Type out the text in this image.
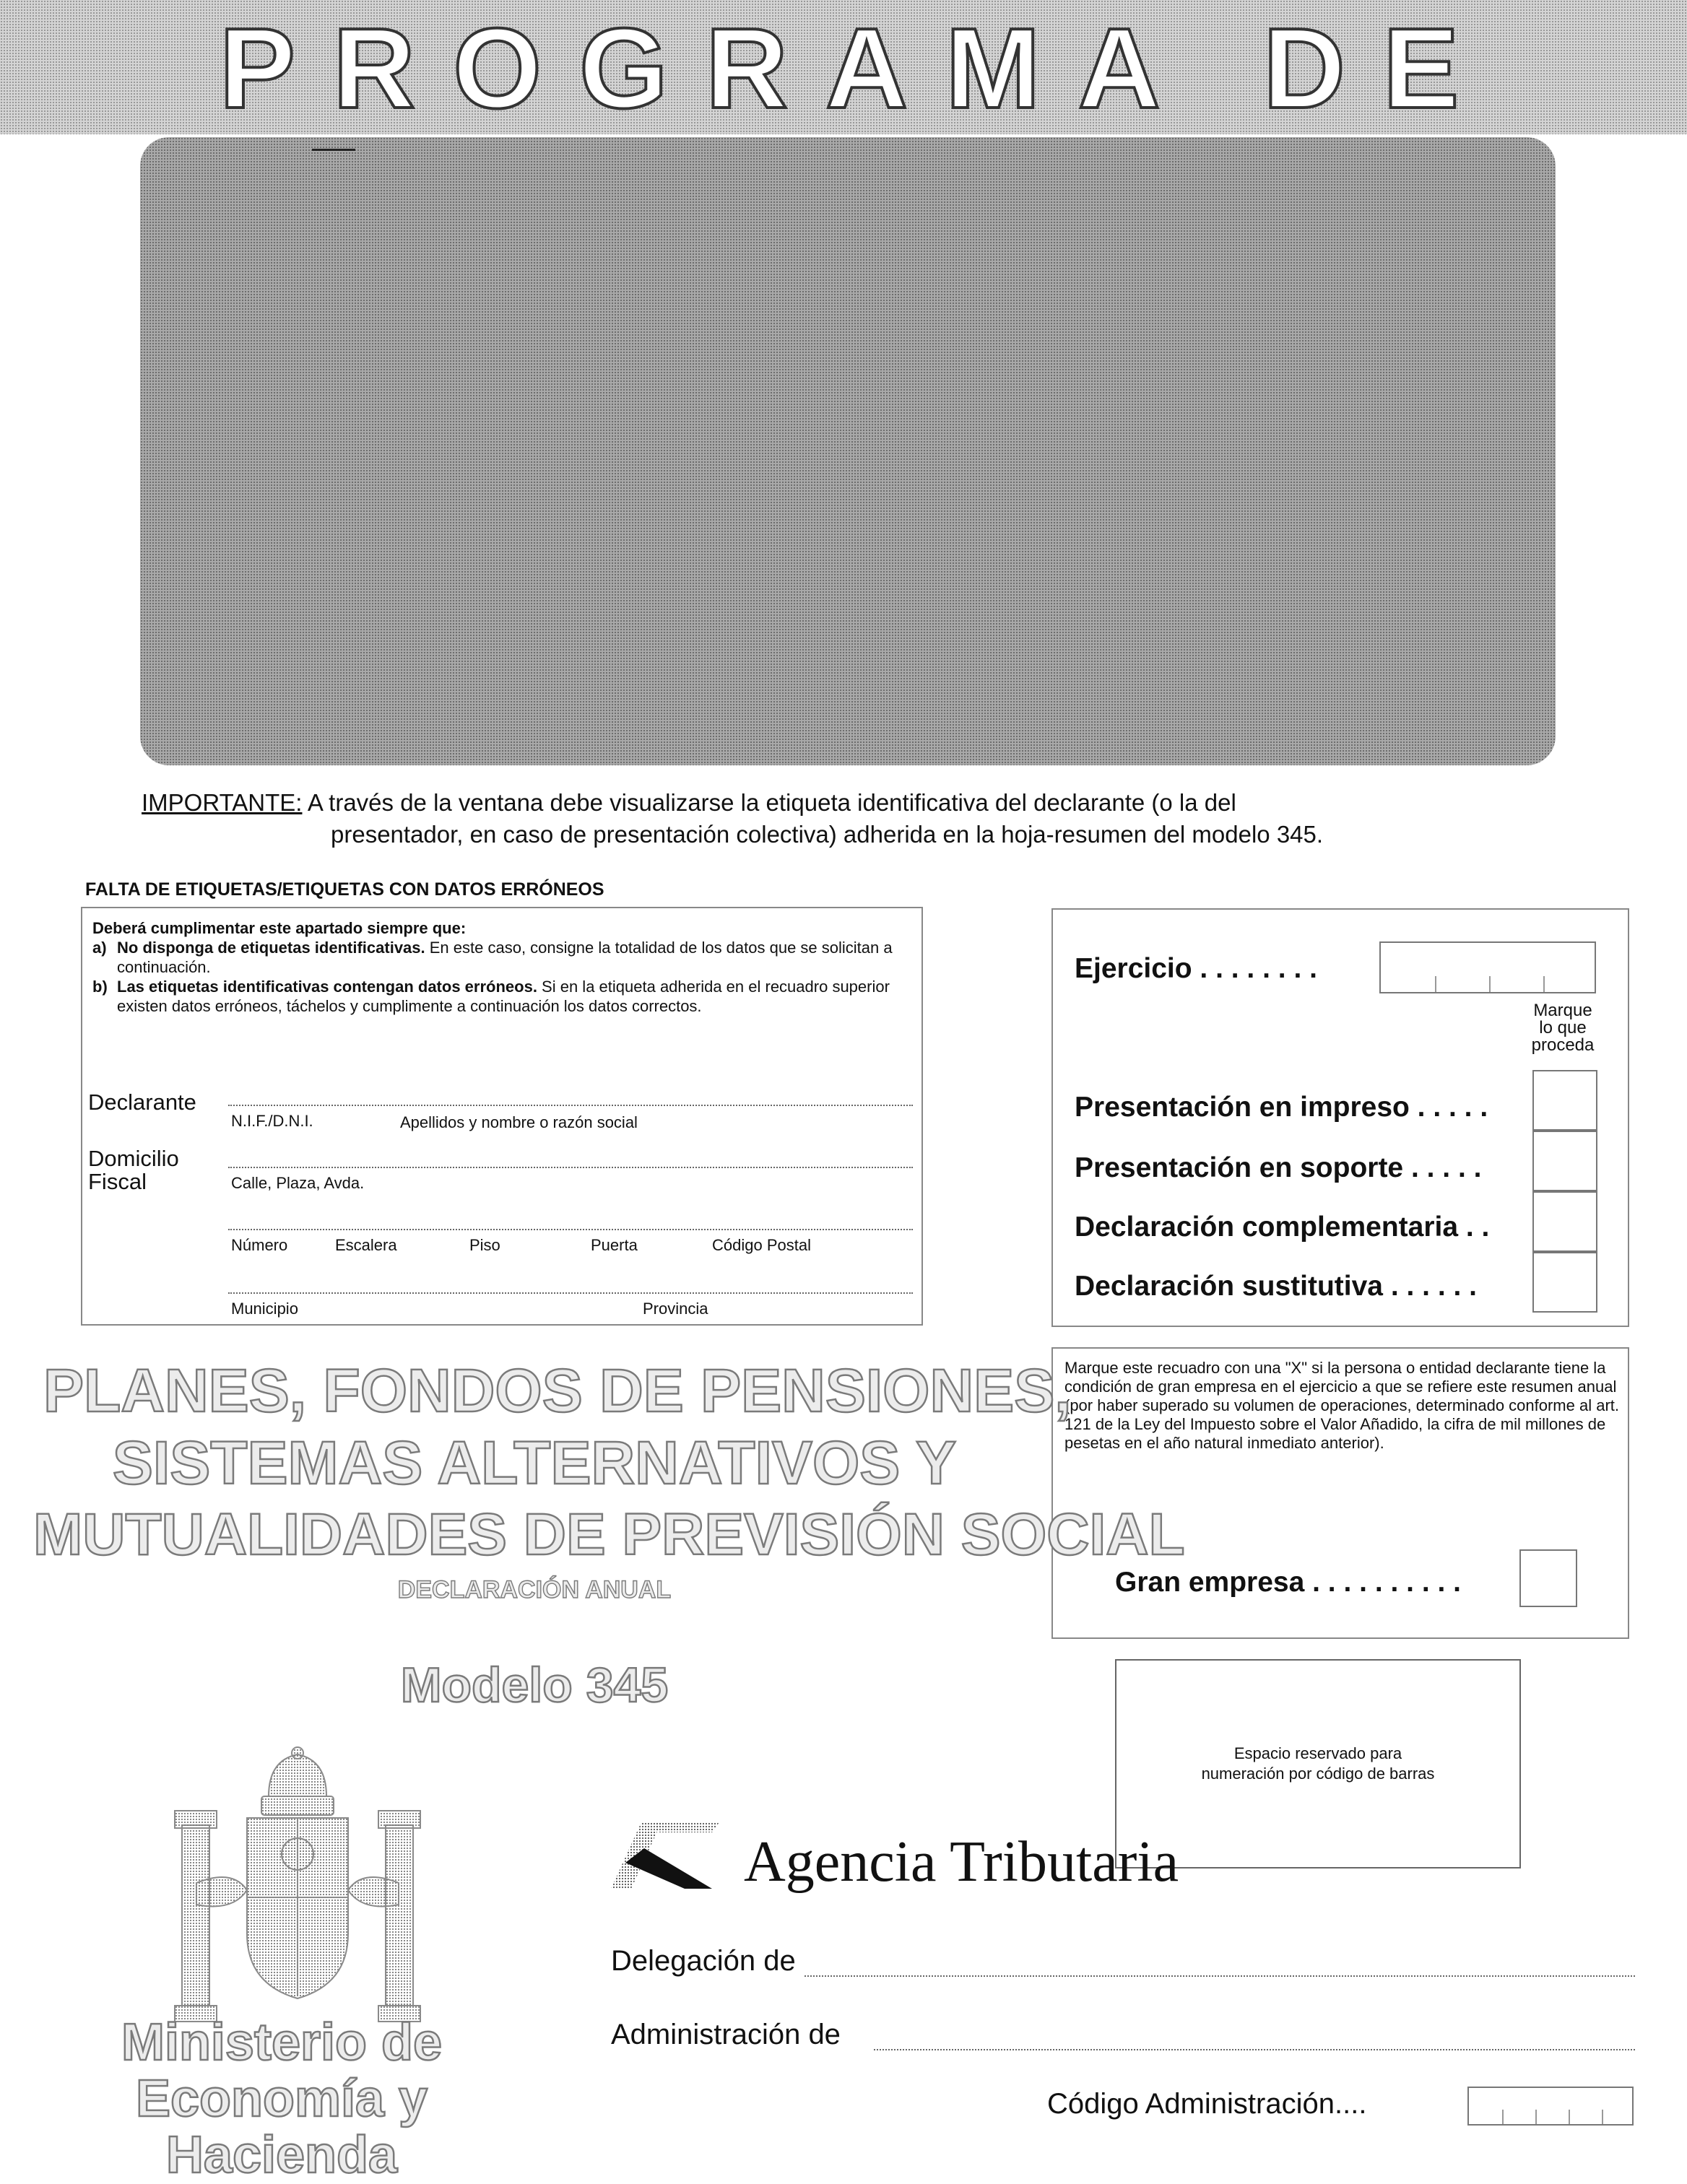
PROGRAMA DE
IMPORTANTE: A través de la ventana debe visualizarse la etiqueta identificativa del declarante (o la del
presentador, en caso de presentación colectiva) adherida en la hoja-resumen del modelo 345.
FALTA DE ETIQUETAS/ETIQUETAS CON DATOS ERRÓNEOS
Deberá cumplimentar este apartado siempre que:
a) No disponga de etiquetas identificativas. En este caso, consigne la totalidad de los datos que se solicitan a continuación.
b) Las etiquetas identificativas contengan datos erróneos. Si en la etiqueta adherida en el recuadro superior existen datos erróneos, táchelos y cumplimente a continuación los datos correctos.
Declarante
N.I.F./D.N.I.	Apellidos y nombre o razón social
Domicilio
Fiscal	Calle, Plaza, Avda.
Número	Escalera	Piso	Puerta	Código Postal
Municipio	Provincia
Ejercicio . . . . . . . .
Marque
lo que
proceda
Presentación en impreso . . . . .
Presentación en soporte . . . . .
Declaración complementaria . .
Declaración sustitutiva . . . . . .
Marque este recuadro con una "X" si la persona o entidad declarante tiene la condición de gran empresa en el ejercicio a que se refiere este resumen anual (por haber superado su volumen de operaciones, determinado conforme al art. 121 de la Ley del Impuesto sobre el Valor Añadido, la cifra de mil millones de pesetas en el año natural inmediato anterior).
Gran empresa . . . . . . . . . .
Espacio reservado para
numeración por código de barras
PLANES, FONDOS DE PENSIONES,
SISTEMAS ALTERNATIVOS Y
MUTUALIDADES DE PREVISIÓN SOCIAL
DECLARACIÓN ANUAL
Modelo 345
Ministerio de
Economía y Hacienda
Agencia Tributaria
Delegación de
Administración de
Código Administración....
